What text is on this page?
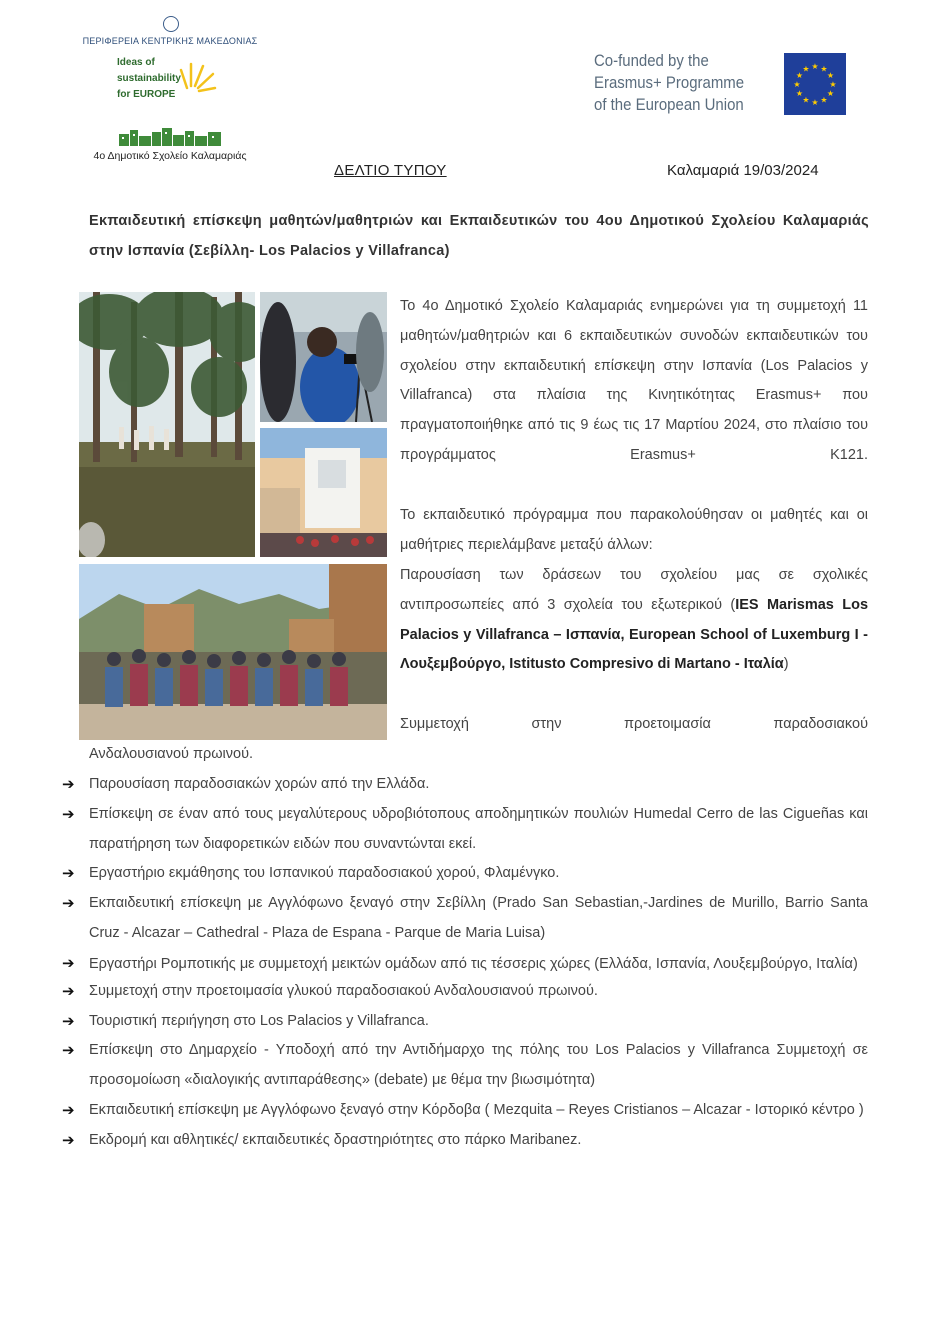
ΠΕΡΙΦΕΡΕΙΑ ΚΕΝΤΡΙΚΗΣ ΜΑΚΕΔΟΝΙΑΣ
Ideas of
sustainability
for EUROPE
4ο Δημοτικό Σχολείο Καλαμαριάς
Co-funded by the
Erasmus+ Programme
of the European Union
★ ★
★
★
★
★
★
★
★
★
★
★
ΔΕΛΤΙΟ ΤΥΠΟΥ	Καλαμαριά 19/03/2024
Εκπαιδευτική επίσκεψη μαθητών/μαθητριών και Εκπαιδευτικών του 4ου Δημοτικού Σχολείου Καλαμαριάς στην Ισπανία (Σεβίλλη- Los Palacios y Villafranca)
Το 4ο Δημοτικό Σχολείο Καλαμαριάς ενημερώνει για τη συμμετοχή 11 μαθητών/μαθητριών και 6 εκπαιδευτικών συνοδών εκπαιδευτικών του σχολείου στην εκπαιδευτική επίσκεψη στην Ισπανία (Los Palacios y Villafranca) στα πλαίσια της Κινητικότητας Erasmus+ που πραγματοποιήθηκε από τις 9 έως τις 17 Μαρτίου 2024, στο πλαίσιο του προγράμματος Erasmus+ K121.
Το εκπαιδευτικό πρόγραμμα που παρακολούθησαν οι μαθητές και οι μαθήτριες περιελάμβανε μεταξύ άλλων:
Παρουσίαση των δράσεων του σχολείου μας σε σχολικές αντιπροσωπείες από 3 σχολεία του εξωτερικού (IES Marismas Los Palacios y Villafranca – Ισπανία, European School of Luxemburg I - Λουξεμβούργο, Istitusto Compresivo di Martano - Ιταλία)
Συμμετοχή στην προετοιμασία παραδοσιακού
Ανδαλουσιανού πρωινού.
➔ Παρουσίαση παραδοσιακών χορών από την Ελλάδα.
➔ Επίσκεψη σε έναν από τους μεγαλύτερους υδροβιότοπους αποδημητικών πουλιών Humedal Cerro de las Cigueñas και παρατήρηση των διαφορετικών ειδών που συναντώνται εκεί.
➔ Εργαστήριο εκμάθησης του Ισπανικού παραδοσιακού χορού, Φλαμένγκο.
➔ Εκπαιδευτική επίσκεψη με Αγγλόφωνο ξεναγό στην Σεβίλλη (Prado San Sebastian,-Jardines de Murillo, Barrio Santa Cruz - Alcazar – Cathedral - Plaza de Espana - Parque de Maria Luisa)
➔ Εργαστήρι Ρομποτικής με συμμετοχή μεικτών ομάδων από τις τέσσερις χώρες (Ελλάδα, Ισπανία, Λουξεμβούργο, Ιταλία)
➔ Συμμετοχή στην προετοιμασία γλυκού παραδοσιακού Ανδαλουσιανού πρωινού.
➔ Τουριστική περιήγηση στο Los Palacios y Villafranca.
➔ Επίσκεψη στο Δημαρχείο - Υποδοχή από την Αντιδήμαρχο της πόλης του Los Palacios y Villafranca Συμμετοχή σε προσομοίωση «διαλογικής αντιπαράθεσης» (debate) με θέμα την βιωσιμότητα)
➔ Εκπαιδευτική επίσκεψη με Αγγλόφωνο ξεναγό στην Κόρδοβα ( Mezquita – Reyes Cristianos – Alcazar - Ιστορικό κέντρο )
➔ Εκδρομή και αθλητικές/ εκπαιδευτικές δραστηριότητες στο πάρκο Maribanez.
